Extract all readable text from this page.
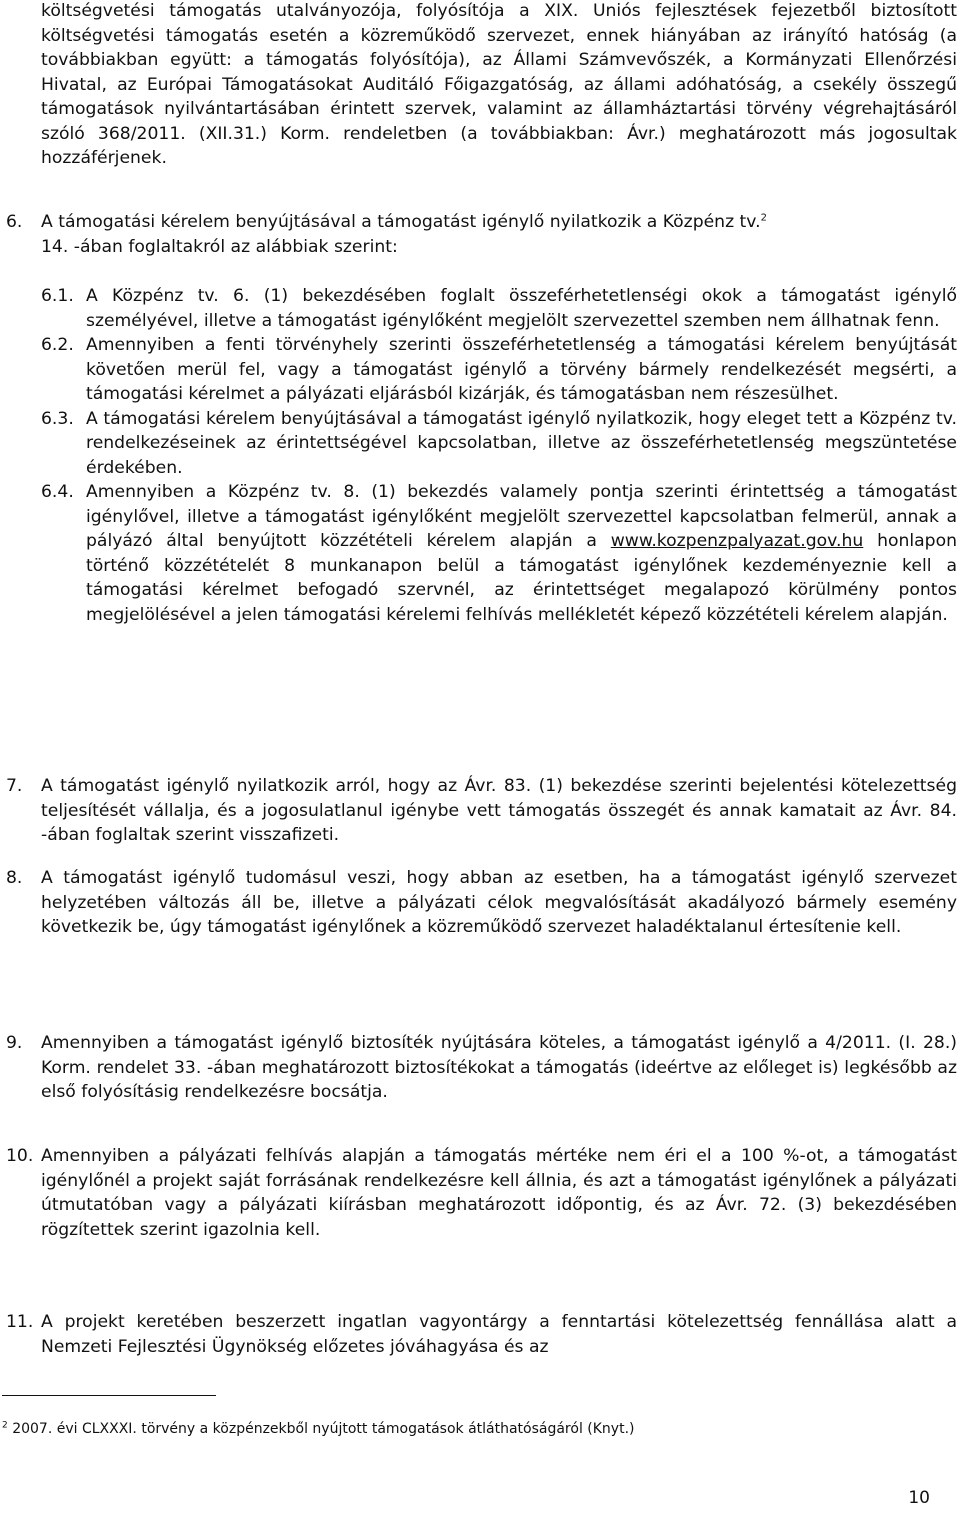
költségvetési támogatás utalványozója, folyósítója a XIX. Uniós fejlesztések fejezetből biztosított költségvetési támogatás esetén a közreműködő szervezet, ennek hiányában az irányító hatóság (a továbbiakban együtt: a támogatás folyósítója), az Állami Számvevőszék, a Kormányzati Ellenőrzési Hivatal, az Európai Támogatásokat Auditáló Főigazgatóság, az állami adóhatóság, a csekély összegű támogatások nyilvántartásában érintett szervek, valamint az államháztartási törvény végrehajtásáról szóló 368/2011. (XII.31.) Korm. rendeletben (a továbbiakban: Ávr.) meghatározott más jogosultak hozzáférjenek.

6.	A támogatási kérelem benyújtásával a támogatást igénylő nyilatkozik a Közpénz tv.$^2$
14. -ában foglaltakról az alábbiak szerint:
6.1. A Közpénz tv. 6. (1) bekezdésében foglalt összeférhetetlenségi okok a támogatást igénylő személyével, illetve a támogatást igénylőként megjelölt szervezettel szemben nem állhatnak fenn.
6.2. Amennyiben a fenti törvényhely szerinti összeférhetetlenség a támogatási kérelem benyújtását követően merül fel, vagy a támogatást igénylő a törvény bármely rendelkezését megsérti, a támogatási kérelmet a pályázati eljárásból kizárják, és támogatásban nem részesülhet.
6.3. A támogatási kérelem benyújtásával a támogatást igénylő nyilatkozik, hogy eleget tett a Közpénz tv. rendelkezéseinek az érintettségével kapcsolatban, illetve az összeférhetetlenség megszüntetése érdekében.
6.4. Amennyiben a Közpénz tv. 8. (1) bekezdés valamely pontja szerinti érintettség a támogatást igénylővel, illetve a támogatást igénylőként megjelölt szervezettel kapcsolatban felmerül, annak a pályázó által benyújtott közzétételi kérelem alapján a www.kozpenzpalyazat.gov.hu honlapon történő közzétételét 8 munkanapon belül a támogatást igénylőnek kezdeményeznie kell a támogatási kérelmet befogadó szervnél, az érintettséget megalapozó körülmény pontos megjelölésével a jelen támogatási kérelemi felhívás mellékletét képező közzétételi kérelem alapján.
7.	A támogatást igénylő nyilatkozik arról, hogy az Ávr. 83. (1) bekezdése szerinti bejelentési kötelezettség teljesítését vállalja, és a jogosulatlanul igénybe vett támogatás összegét és annak kamatait az Ávr. 84. -ában foglaltak szerint visszafizeti.
8.	A támogatást igénylő tudomásul veszi, hogy abban az esetben, ha a támogatást igénylő szervezet helyzetében változás áll be, illetve a pályázati célok megvalósítását akadályozó bármely esemény következik be, úgy támogatást igénylőnek a közreműködő szervezet haladéktalanul értesítenie kell.
9.	Amennyiben a támogatást igénylő biztosíték nyújtására köteles, a támogatást igénylő a 4/2011. (I. 28.) Korm. rendelet 33. -ában meghatározott biztosítékokat a támogatás (ideértve az előleget is) legkésőbb az első folyósításig rendelkezésre bocsátja.
10. Amennyiben a pályázati felhívás alapján a támogatás mértéke nem éri el a 100 %-ot, a támogatást igénylőnél a projekt saját forrásának rendelkezésre kell állnia, és azt a támogatást igénylőnek a pályázati útmutatóban vagy a pályázati kiírásban meghatározott időpontig, és az Ávr. 72. (3) bekezdésében rögzítettek szerint igazolnia kell.
11. A projekt keretében beszerzett ingatlan vagyontárgy a fenntartási kötelezettség fennállása alatt a Nemzeti Fejlesztési Ügynökség előzetes jóváhagyása és az
$^2$ 2007. évi CLXXXI. törvény a közpénzekből nyújtott támogatások átláthatóságáról (Knyt.)
10
